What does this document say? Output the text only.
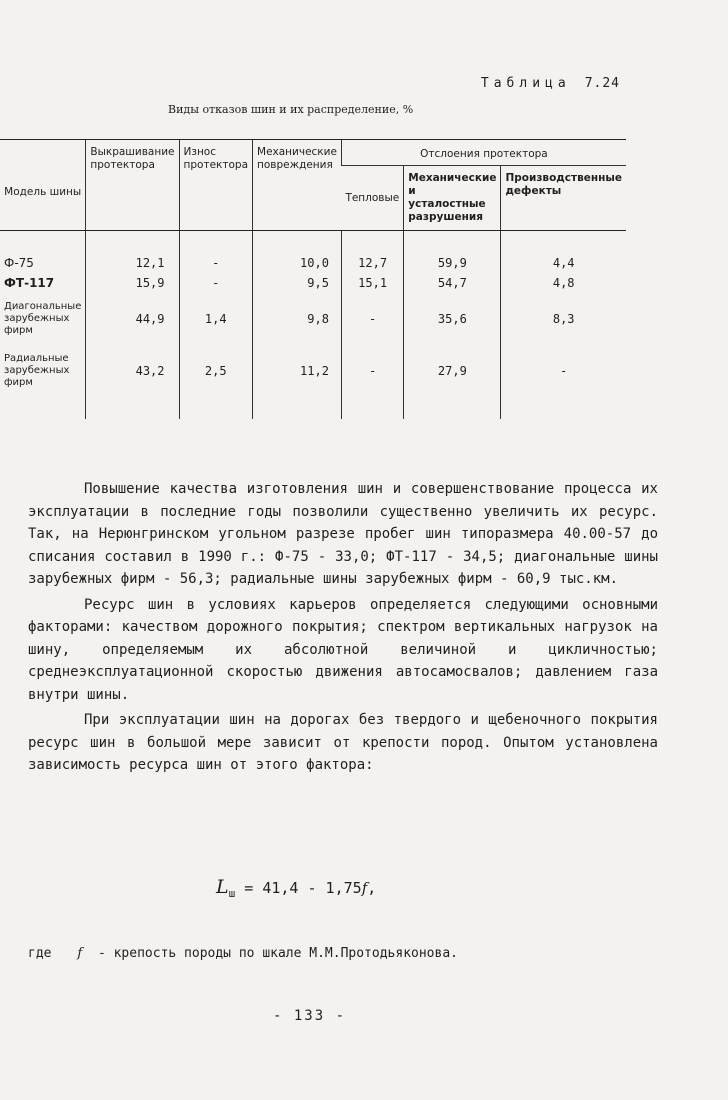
Таблица 7.24
Виды отказов шин и их распределение, %
Модель шины	Выкрашивание протектора	Износ протектора	Механические повреждения	Отслоения протектора		
				Тепловые	Механические и усталостные разрушения	Производственные дефекты
Ф-75	12,1	-	10,0	12,7	59,9	4,4
ФТ-117	15,9	-	9,5	15,1	54,7	4,8
Диагональные зарубежных фирм	44,9	1,4	9,8	-	35,6	8,3
Радиальные зарубежных фирм	43,2	2,5	11,2	-	27,9	-

Повышение качества изготовления шин и совершенствование процесса их эксплуатации в последние годы позволили существенно увеличить их ресурс. Так, на Нерюнгринском угольном разрезе пробег шин типоразмера 40.00-57 до списания составил в 1990 г.: Ф-75 - 33,0; ФТ-117 - 34,5; диагональные шины зарубежных фирм - 56,3; радиальные шины зарубежных фирм - 60,9 тыс.км.

Ресурс шин в условиях карьеров определяется следующими основными факторами: качеством дорожного покрытия; спектром вертикальных нагрузок на шину, определяемым их абсолютной величиной и цикличностью; среднеэксплуатационной скоростью движения автосамосвалов; давлением газа внутри шины.

При эксплуатации шин на дорогах без твердого и щебеночного покрытия ресурс шин в большой мере зависит от крепости пород. Опытом установлена зависимость ресурса шин от этого фактора:

$L_ш = 41,4 - 1,75f$,
где f - крепость породы по шкале М.М.Протодьяконова.
- 133 -
